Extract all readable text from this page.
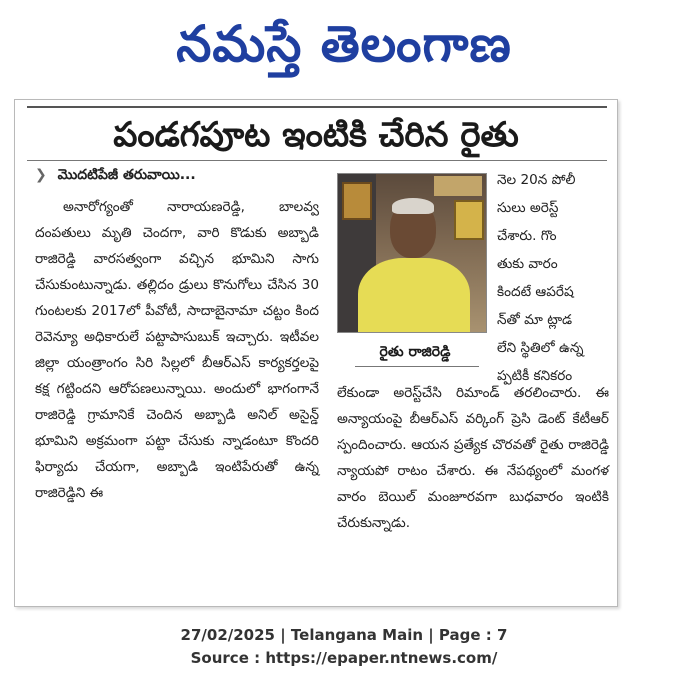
నమస్తే తెలంగాణ
పండగపూట ఇంటికి చేరిన రైతు
❯ మొదటిపేజీ తరువాయి...

అనారోగ్యంతో నారాయణరెడ్డి, బాలవ్వ దంపతులు మృతి చెందగా, వారి కొడుకు అబ్బాడి రాజిరెడ్డి వారసత్వంగా వచ్చిన భూమిని సాగు చేసుకుంటున్నాడు. తల్లిదం డ్రులు కొనుగోలు చేసిన 30 గుంటలకు 2017లో పీవోటీ, సాదాబైనామా చట్టం కింద రెవెన్యూ అధికారులే పట్టాపాసుబుక్ ఇచ్చారు. ఇటీవల జిల్లా యంత్రాంగం సిరి సిల్లలో బీఆర్ఎస్ కార్యకర్తలపై కక్ష గట్టిందని ఆరోపణలున్నాయి. అందులో భాగంగానే రాజిరెడ్డి గ్రామానికే చెందిన అబ్బాడి అనిల్ అసైన్డ్ భూమిని అక్రమంగా పట్టా చేసుకు న్నాడంటూ కొందరి ఫిర్యాదు చేయగా, అబ్బాడి ఇంటిపేరుతో ఉన్న రాజిరెడ్డిని ఈ

రైతు రాజిరెడ్డి
నెల 20న పోలీ
సులు అరెస్ట్
చేశారు. గొం
తుకు వారం
కిందటే ఆపరేష
న్‌తో మా ట్లాడ
లేని స్థితిలో ఉన్న
ప్పటికీ కనికరం

లేకుండా అరెస్ట్‌చేసి రిమాండ్ తరలించారు. ఈ అన్యాయంపై బీఆర్ఎస్ వర్కింగ్ ప్రెసి డెంట్ కేటీఆర్ స్పందించారు. ఆయన ప్రత్యేక చొరవతో రైతు రాజిరెడ్డి న్యాయపో రాటం చేశారు. ఈ నేపథ్యంలో మంగళ వారం బెయిల్ మంజూరవగా బుధవారం ఇంటికి చేరుకున్నాడు.

27/02/2025 | Telangana Main | Page : 7
Source : https://epaper.ntnews.com/
